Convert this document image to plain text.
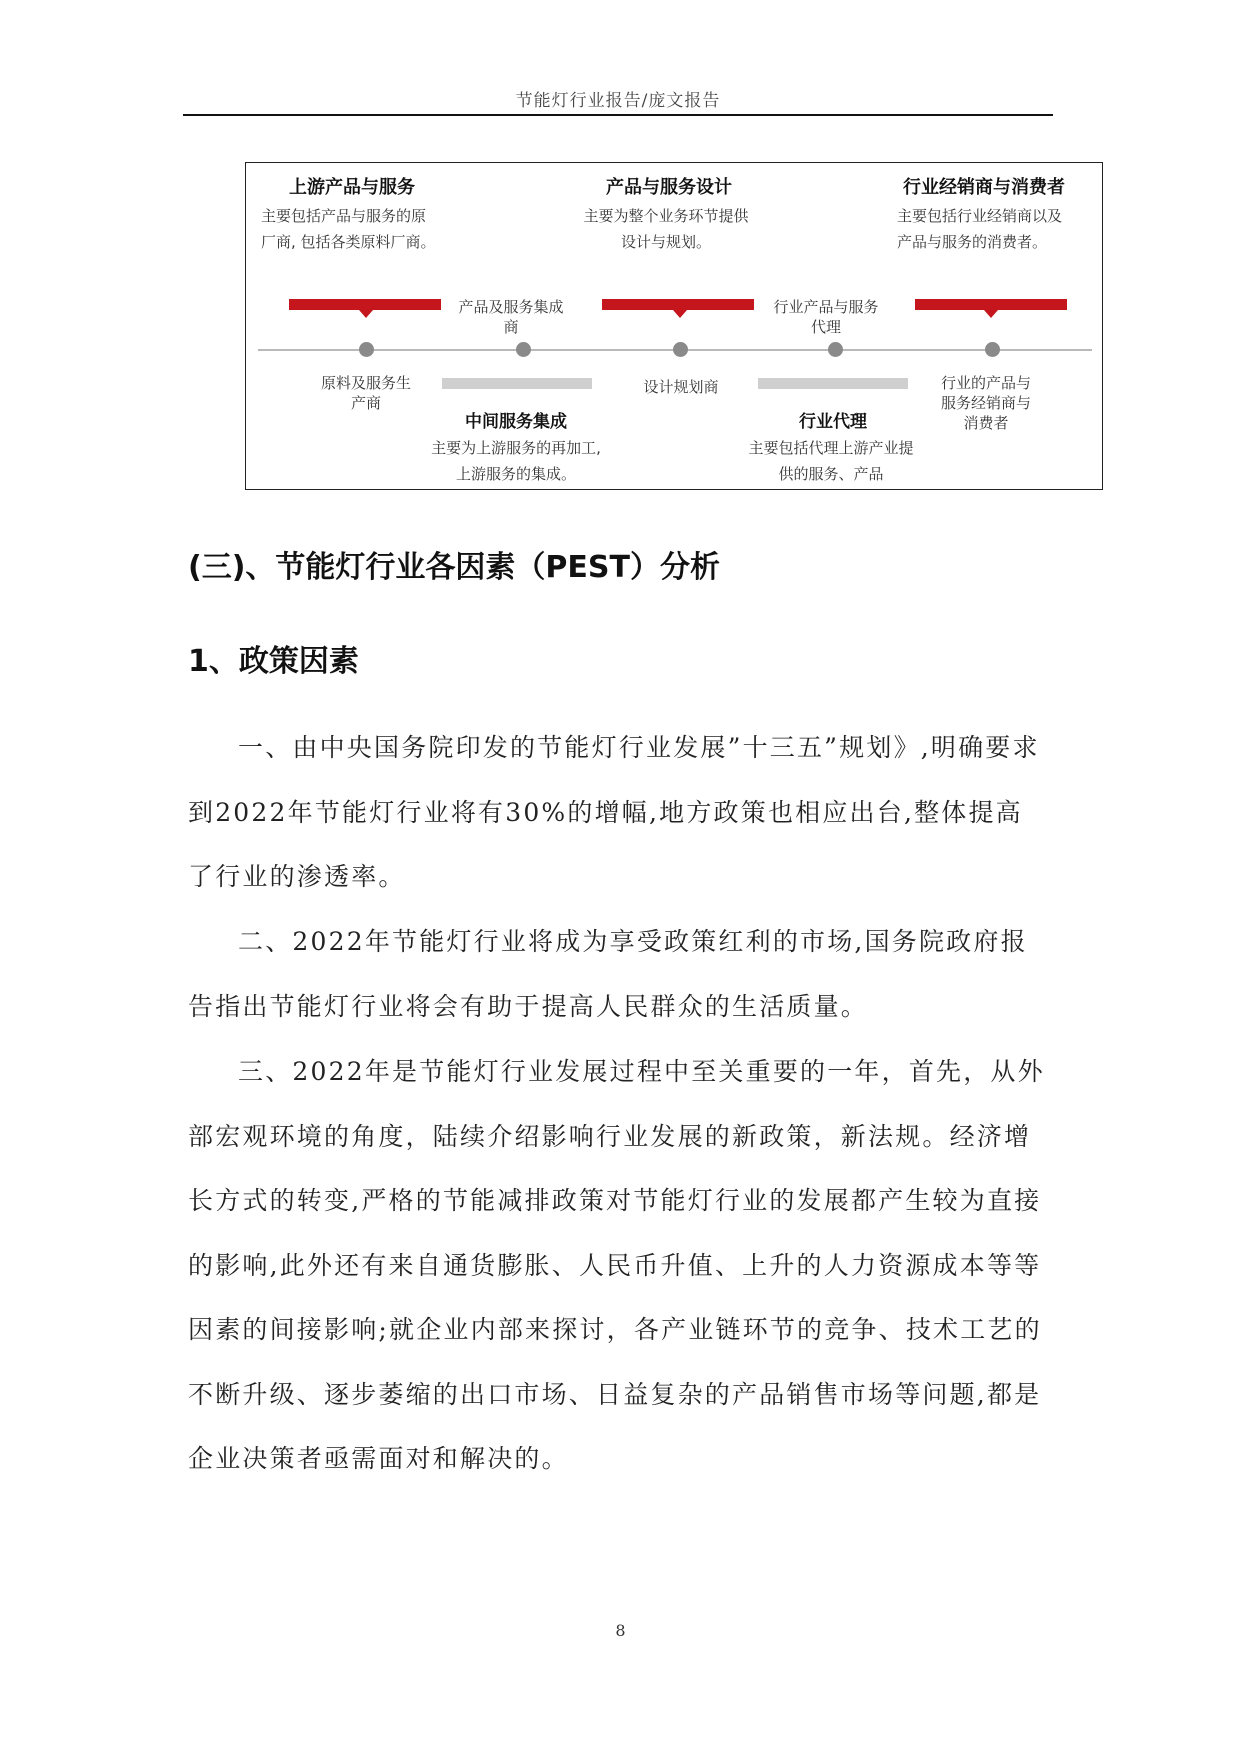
节能灯行业报告/庞文报告
上游产品与服务
主要包括产品与服务的原
厂商, 包括各类原料厂商。
产品与服务设计
主要为整个业务环节提供
设计与规划。
行业经销商与消费者
主要包括行业经销商以及
产品与服务的消费者。
产品及服务集成
商
行业产品与服务
代理
原料及服务生
产商
设计规划商	行业的产品与
服务经销商与
消费者
中间服务集成
主要为上游服务的再加工,
上游服务的集成。
行业代理
主要包括代理上游产业提
供的服务、产品
(三)、节能灯行业各因素（PEST）分析
1、政策因素
一、由中央国务院印发的节能灯行业发展”十三五”规划》,明确要求到2022年节能灯行业将有30%的增幅,地方政策也相应出台,整体提高了行业的渗透率。
二、2022年节能灯行业将成为享受政策红利的市场,国务院政府报告指出节能灯行业将会有助于提高人民群众的生活质量。
三、2022年是节能灯行业发展过程中至关重要的一年，首先，从外部宏观环境的角度，陆续介绍影响行业发展的新政策，新法规。经济增长方式的转变,严格的节能减排政策对节能灯行业的发展都产生较为直接的影响,此外还有来自通货膨胀、人民币升值、上升的人力资源成本等等因素的间接影响;就企业内部来探讨，各产业链环节的竞争、技术工艺的不断升级、逐步萎缩的出口市场、日益复杂的产品销售市场等问题,都是企业决策者亟需面对和解决的。
8
